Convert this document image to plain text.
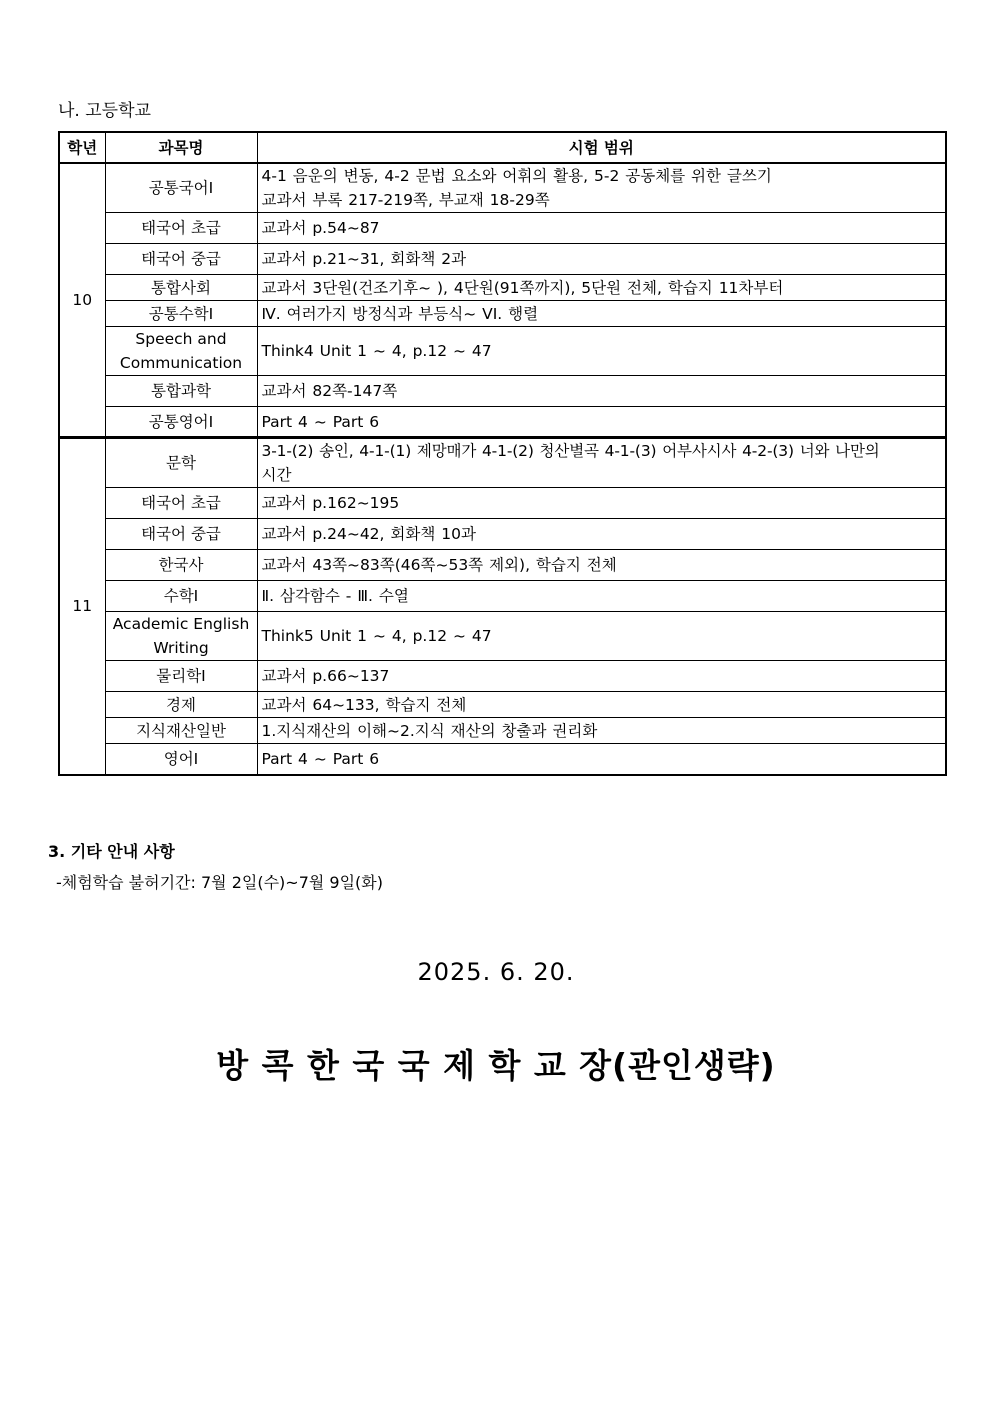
나. 고등학교
학년	과목명	시험 범위
10	공통국어Ⅰ	4-1 음운의 변동, 4-2 문법 요소와 어휘의 활용, 5-2 공동체를 위한 글쓰기
교과서 부록 217-219쪽, 부교재 18-29쪽

	태국어 초급	교과서 p.54~87
	태국어 중급	교과서 p.21~31, 회화책 2과
	통합사회	교과서 3단원(건조기후~ ), 4단원(91쪽까지), 5단원 전체, 학습지 11차부터
	공통수학Ⅰ	Ⅳ. 여러가지 방정식과 부등식~ VI. 행렬

	Speech and
Communication	Think4 Unit 1 ~ 4, p.12 ~ 47
	통합과학	교과서 82쪽-147쪽
	공통영어Ⅰ	Part 4 ~ Part 6
11	문학	3-1-(2) 송인, 4-1-(1) 제망매가 4-1-(2) 청산별곡 4-1-(3) 어부사시사 4-2-(3) 너와 나만의
시간

	태국어 초급	교과서 p.162~195
	태국어 중급	교과서 p.24~42, 회화책 10과
	한국사	교과서 43쪽~83쪽(46쪽~53쪽 제외), 학습지 전체
	수학Ⅰ	Ⅱ. 삼각함수 - Ⅲ. 수열

	Academic English
Writing	Think5 Unit 1 ~ 4, p.12 ~ 47
	물리학Ⅰ	교과서 p.66~137
	경제	교과서 64~133, 학습지 전체
	지식재산일반	1.지식재산의 이해~2.지식 재산의 창출과 권리화
	영어Ⅰ	Part 4 ~ Part 6
3. 기타 안내 사항
-체험학습 불허기간: 7월 2일(수)~7월 9일(화)
2025. 6. 20.
방 콕 한 국 국 제 학 교 장(관인생략)
